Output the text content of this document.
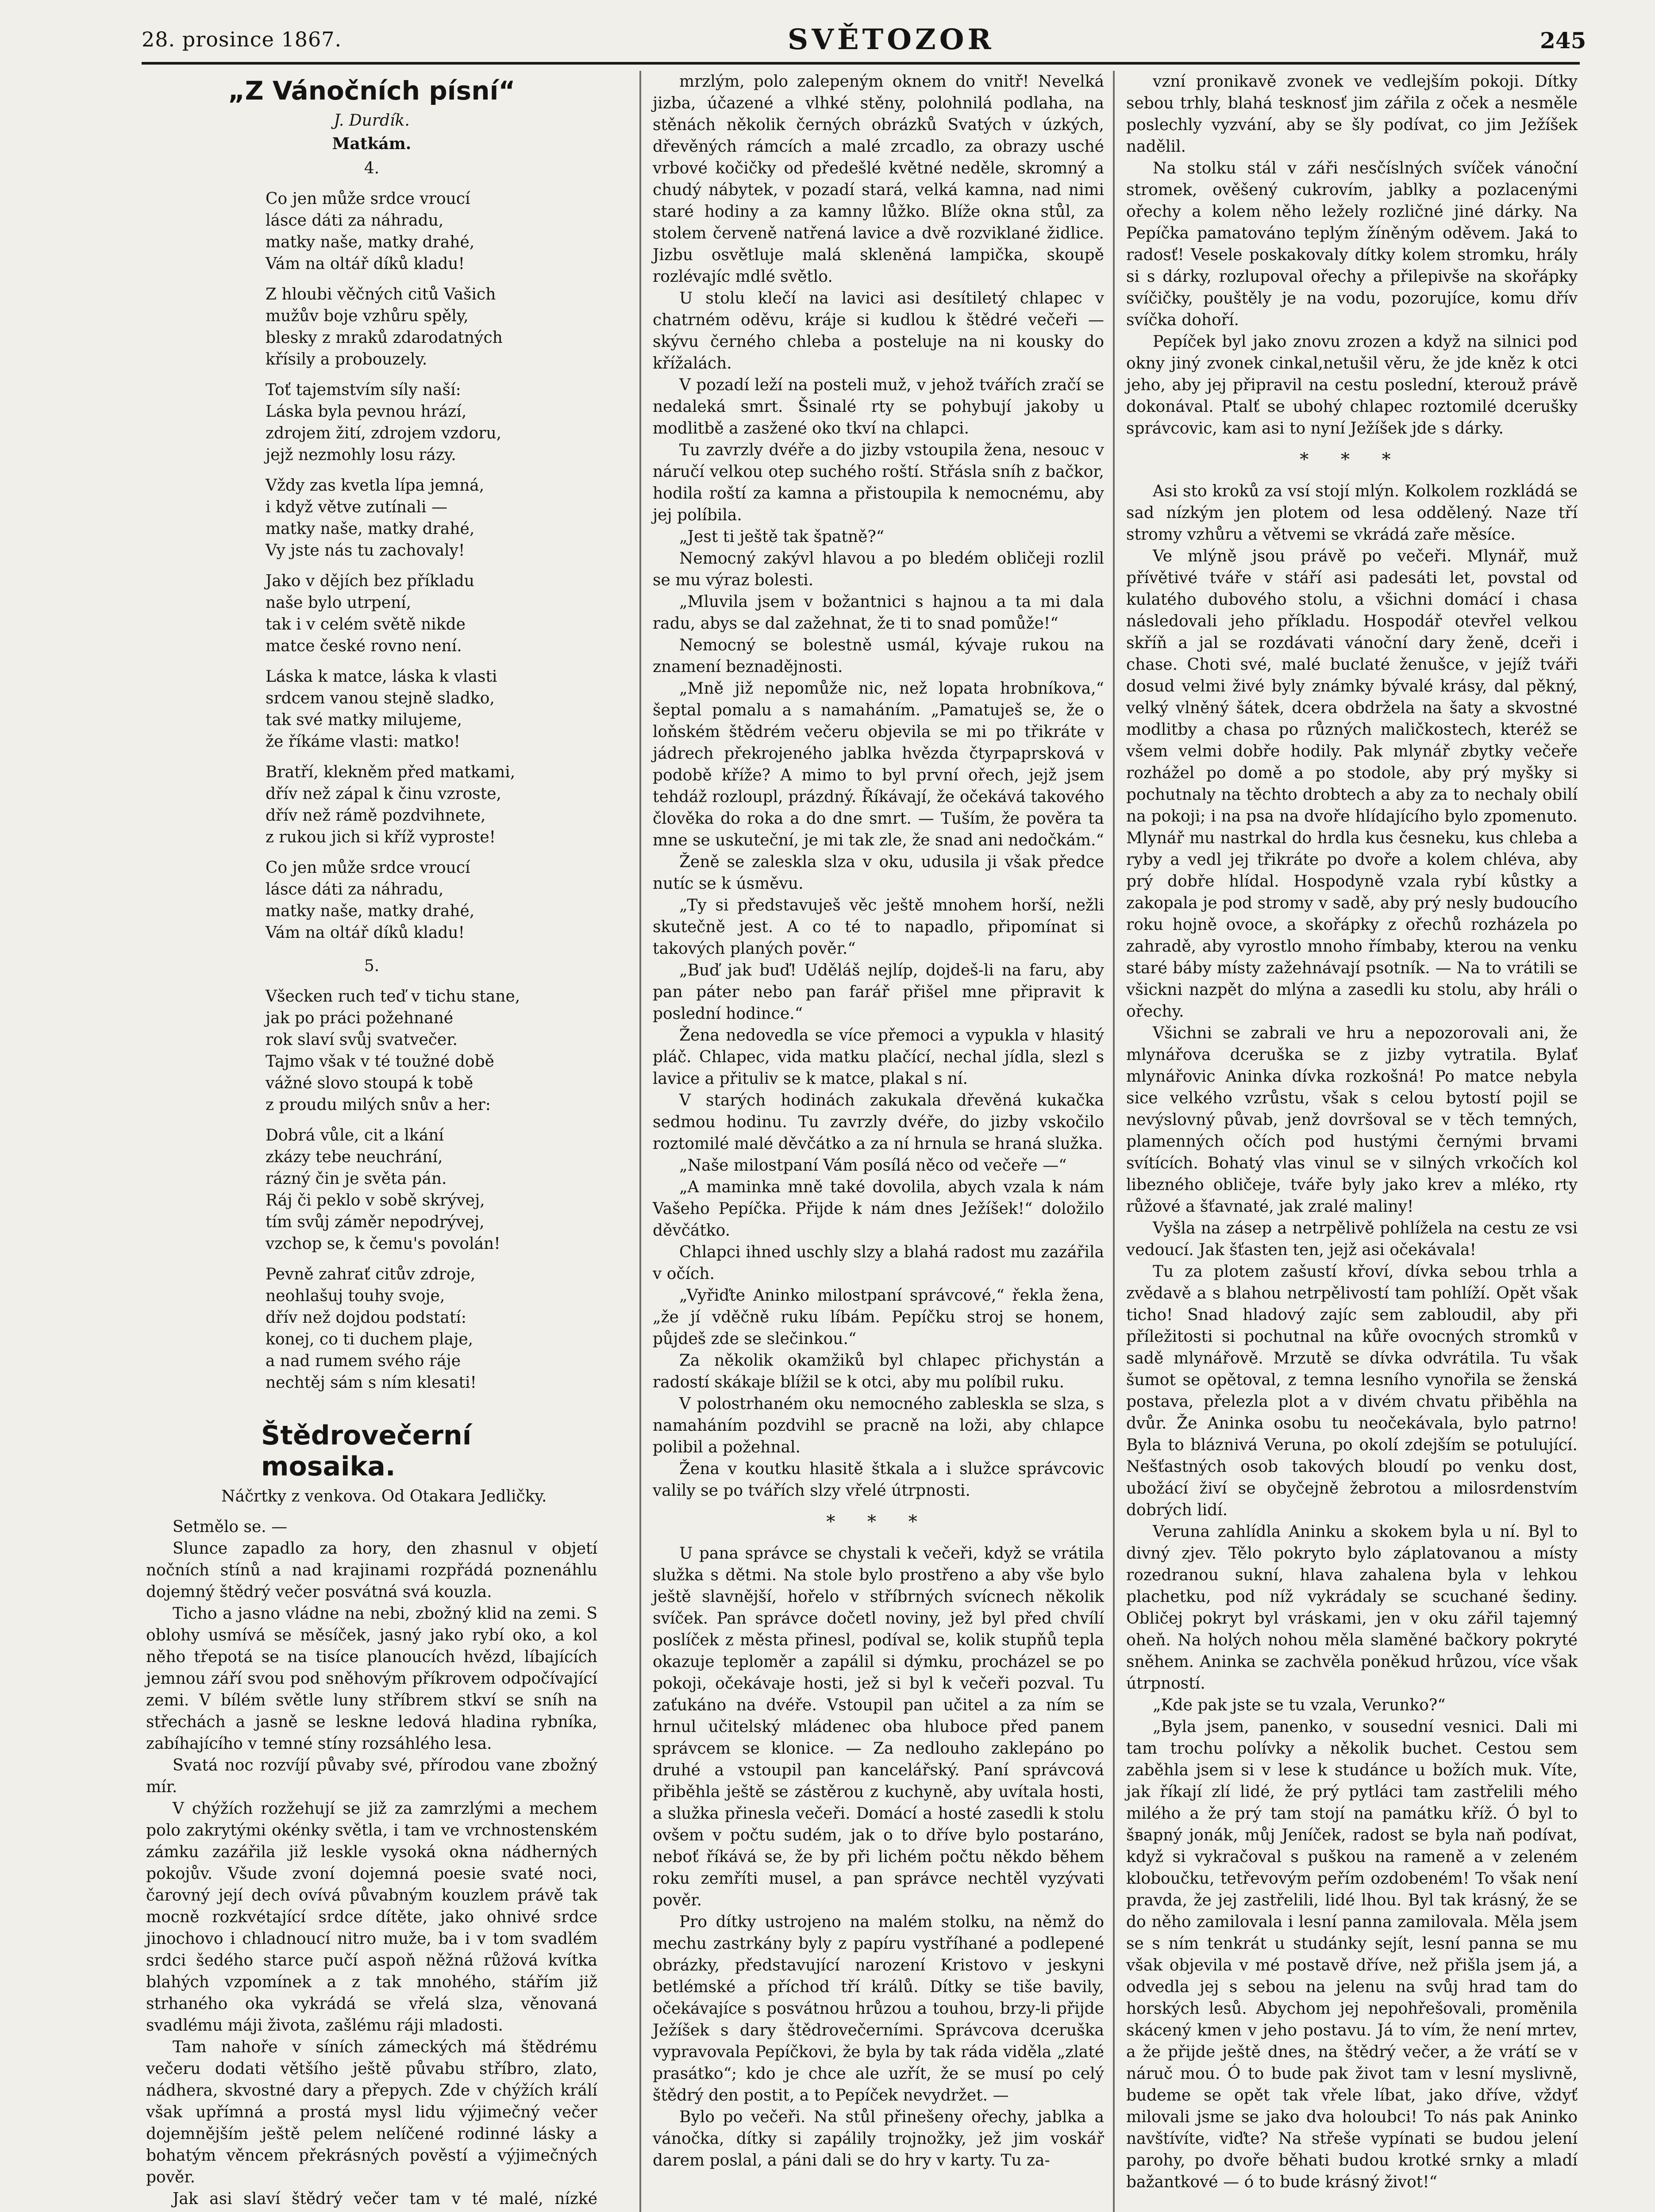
28. prosince 1867.	SVĚTOZOR	245
„Z Vánočních písní“
J. Durdík.
Matkám.
4.
Co jen může srdce vroucí
lásce dáti za náhradu,
matky naše, matky drahé,
Vám na oltář díků kladu!
Z hloubi věčných citů Vašich
mužův boje vzhůru spěly,
blesky z mraků zdarodatných
křísily a probouzely.
Toť tajemstvím síly naší:
Láska byla pevnou hrází,
zdrojem žití, zdrojem vzdoru,
jejž nezmohly losu rázy.
Vždy zas kvetla lípa jemná,
i když větve zutínali —
matky naše, matky drahé,
Vy jste nás tu zachovaly!
Jako v dějích bez příkladu
naše bylo utrpení,
tak i v celém světě nikde
matce české rovno není.
Láska k matce, láska k vlasti
srdcem vanou stejně sladko,
tak své matky milujeme,
že říkáme vlasti: matko!
Bratří, klekněm před matkami,
dřív než zápal k činu vzroste,
dřív než rámě pozdvihnete,
z rukou jich si kříž vyproste!
Co jen může srdce vroucí
lásce dáti za náhradu,
matky naše, matky drahé,
Vám na oltář díků kladu!
5.
Všecken ruch teď v tichu stane,
jak po práci požehnané
rok slaví svůj svatvečer.
Tajmo však v té toužné době
vážné slovo stoupá k tobě
z proudu milých snův a her:
Dobrá vůle, cit a lkání
zkázy tebe neuchrání,
rázný čin je světa pán.
Ráj či peklo v sobě skrývej,
tím svůj záměr nepodrývej,
vzchop se, k čemu's povolán!
Pevně zahrať citův zdroje,
neohlašuj touhy svoje,
dřív než dojdou podstatí:
konej, co ti duchem plaje,
a nad rumem svého ráje
nechtěj sám s ním klesati!
Štědrovečerní mosaika.
Náčrtky z venkova. Od Otakara Jedličky.

Setmělo se. —

Slunce zapadlo za hory, den zhasnul v objetí nočních stínů a nad krajinami rozpřádá poznenáhlu dojemný štědrý večer posvátná svá kouzla.

Ticho a jasno vládne na nebi, zbožný klid na zemi. S oblohy usmívá se měsíček, jasný jako rybí oko, a kol něho třepotá se na tisíce planoucích hvězd, líbajících jemnou září svou pod sněhovým příkrovem odpočívající zemi. V bílém světle luny stříbrem stkví se sníh na střechách a jasně se leskne ledová hladina rybníka, zabíhajícího v temné stíny rozsáhlého lesa.

Svatá noc rozvíjí půvaby své, přírodou vane zbožný mír.

V chýžích rozžehují se již za zamrzlými a mechem polo zakrytými okénky světla, i tam ve vrchnostenském zámku zazářila již leskle vysoká okna nádherných pokojův. Všude zvoní dojemná poesie svaté noci, čarovný její dech ovívá půvabným kouzlem právě tak mocně rozkvétající srdce dítěte, jako ohnivé srdce jinochovo i chladnoucí nitro muže, ba i v tom svadlém srdci šedého starce pučí aspoň něžná růžová kvítka blahých vzpomínek a z tak mnohého, stářím již strhaného oka vykrádá se vřelá slza, věnovaná svadlému máji života, zašlému ráji mladosti.

Tam nahoře v síních zámeckých má štědrému večeru dodati většího ještě půvabu stříbro, zlato, nádhera, skvostné dary a přepych. Zde v chýžích králí však upřímná a prostá mysl lidu výjimečný večer dojemnějším ještě pelem nelíčené rodinné lásky a bohatým věncem překrásných pověstí a výjimečných pověr.

Jak asi slaví štědrý večer tam v té malé, nízké

mrzlým, polo zalepeným oknem do vnitř! Nevelká jizba, účazené a vlhké stěny, polohnilá podlaha, na stěnách několik černých obrázků Svatých v úzkých, dřevěných rámcích a malé zrcadlo, za obrazy usché vrbové kočičky od předešlé květné neděle, skromný a chudý nábytek, v pozadí stará, velká kamna, nad nimi staré hodiny a za kamny lůžko. Blíže okna stůl, za stolem červeně natřená lavice a dvě rozviklané židlice. Jizbu osvětluje malá skleněná lampička, skoupě rozlévajíc mdlé světlo.

U stolu klečí na lavici asi desítiletý chlapec v chatrném oděvu, kráje si kudlou k štědré večeři — skývu černého chleba a posteluje na ni kousky do křížalách.

V pozadí leží na posteli muž, v jehož tvářích zračí se nedaleká smrt. Šsinalé rty se pohybují jakoby u modlitbě a zasžené oko tkví na chlapci.

Tu zavrzly dvéře a do jizby vstoupila žena, nesouc v náručí velkou otep suchého roští. Střásla sníh z bačkor, hodila roští za kamna a přistoupila k nemocnému, aby jej políbila.

„Jest ti ještě tak špatně?“

Nemocný zakývl hlavou a po bledém obličeji rozlil se mu výraz bolesti.

„Mluvila jsem v božantnici s hajnou a ta mi dala radu, abys se dal zažehnat, že ti to snad pomůže!“

Nemocný se bolestně usmál, kývaje rukou na znamení beznadějnosti.

„Mně již nepomůže nic, než lopata hrobníkova,“ šeptal pomalu a s namaháním. „Pamatuješ se, že o loňském štědrém večeru objevila se mi po třikráte v jádrech překrojeného jablka hvězda čtyrpaprsková v podobě kříže? A mimo to byl první ořech, jejž jsem tehdáž rozloupl, prázdný. Říkávají, že očekává takového člověka do roka a do dne smrt. — Tuším, že pověra ta mne se uskuteční, je mi tak zle, že snad ani nedočkám.“

Ženě se zaleskla slza v oku, udusila ji však předce nutíc se k úsměvu.

„Ty si představuješ věc ještě mnohem horší, nežli skutečně jest. A co té to napadlo, připomínat si takových planých pověr.“

„Buď jak buď! Uděláš nejlíp, dojdeš-li na faru, aby pan páter nebo pan farář přišel mne připravit k poslední hodince.“

Žena nedovedla se více přemoci a vypukla v hlasitý pláč. Chlapec, vida matku plačící, nechal jídla, slezl s lavice a přituliv se k matce, plakal s ní.

V starých hodinách zakukala dřevěná kukačka sedmou hodinu. Tu zavrzly dvéře, do jizby vskočilo roztomilé malé děvčátko a za ní hrnula se hraná služka.

„Naše milostpaní Vám posílá něco od večeře —“

„A maminka mně také dovolila, abych vzala k nám Vašeho Pepíčka. Přijde k nám dnes Ježíšek!“ doložilo děvčátko.

Chlapci ihned uschly slzy a blahá radost mu zazářila v očích.

„Vyřiďte Aninko milostpaní správcové,“ řekla žena, „že jí vděčně ruku líbám. Pepíčku stroj se honem, půjdeš zde se slečinkou.“

Za několik okamžiků byl chlapec přichystán a radostí skákaje blížil se k otci, aby mu políbil ruku.

V polostrhaném oku nemocného zableskla se slza, s namaháním pozdvihl se pracně na loži, aby chlapce polibil a požehnal.

Žena v koutku hlasitě štkala a i služce správcovic valily se po tvářích slzy vřelé útrpnosti.

* * *

U pana správce se chystali k večeři, když se vrátila služka s dětmi. Na stole bylo prostřeno a aby vše bylo ještě slavnější, hořelo v stříbrných svícnech několik svíček. Pan správce dočetl noviny, jež byl před chvílí poslíček z města přinesl, podíval se, kolik stupňů tepla okazuje teploměr a zapálil si dýmku, procházel se po pokoji, očekávaje hosti, jež si byl k večeři pozval. Tu zaťukáno na dvéře. Vstoupil pan učitel a za ním se hrnul učitelský mládenec oba hluboce před panem správcem se klonice. — Za nedlouho zaklepáno po druhé a vstoupil pan kancelářský. Paní správcová přiběhla ještě se zástěrou z kuchyně, aby uvítala hosti, a služka přinesla večeři. Domácí a hosté zasedli k stolu ovšem v počtu sudém, jak o to dříve bylo postaráno, neboť říkává se, že by při lichém počtu někdo během roku zemříti musel, a pan správce nechtěl vyzývati pověr.

Pro dítky ustrojeno na malém stolku, na němž do mechu zastrkány byly z papíru vystříhané a podlepené obrázky, představující narození Kristovo v jeskyni betlémské a příchod tří králů. Dítky se tiše bavily, očekávajíce s posvátnou hrůzou a touhou, brzy-li přijde Ježíšek s dary štědrovečerními. Správcova dceruška vypravovala Pepíčkovi, že byla by tak ráda viděla „zlaté prasátko“; kdo je chce ale uzřít, že se musí po celý štědrý den postit, a to Pepíček nevydržet. —

Bylo po večeři. Na stůl přinešeny ořechy, jablka a vánočka, dítky si zapálily trojnožky, jež jim voskář darem poslal, a páni dali se do hry v karty. Tu za-

vzní pronikavě zvonek ve vedlejším pokoji. Dítky sebou trhly, blahá tesknosť jim zářila z oček a nesměle poslechly vyzvání, aby se šly podívat, co jim Ježíšek nadělil.

Na stolku stál v záři nesčíslných svíček vánoční stromek, ověšený cukrovím, jablky a pozlacenými ořechy a kolem něho ležely rozličné jiné dárky. Na Pepíčka pamatováno teplým žíněným oděvem. Jaká to radosť! Vesele poskakovaly dítky kolem stromku, hrály si s dárky, rozlupoval ořechy a přilepivše na skořápky svíčičky, pouštěly je na vodu, pozorujíce, komu dřív svíčka dohoří.

Pepíček byl jako znovu zrozen a když na silnici pod okny jiný zvonek cinkal,netušil věru, že jde kněz k otci jeho, aby jej připravil na cestu poslední, kterouž právě dokonával. Ptalť se ubohý chlapec roztomilé dcerušky správcovic, kam asi to nyní Ježíšek jde s dárky.

* * *

Asi sto kroků za vsí stojí mlýn. Kolkolem rozkládá se sad nízkým jen plotem od lesa oddělený. Naze tří stromy vzhůru a větvemi se vkrádá zaře měsíce.

Ve mlýně jsou právě po večeři. Mlynář, muž přívětivé tváře v stáří asi padesáti let, povstal od kulatého dubového stolu, a všichni domácí i chasa následovali jeho příkladu. Hospodář otevřel velkou skříň a jal se rozdávati vánoční dary ženě, dceři i chase. Choti své, malé buclaté ženušce, v jejíž tváři dosud velmi živé byly známky bývalé krásy, dal pěkný, velký vlněný šátek, dcera obdržela na šaty a skvostné modlitby a chasa po různých maličkostech, kteréž se všem velmi dobře hodily. Pak mlynář zbytky večeře rozhážel po domě a po stodole, aby prý myšky si pochutnaly na těchto drobtech a aby za to nechaly obilí na pokoji; i na psa na dvoře hlídajícího bylo zpomenuto. Mlynář mu nastrkal do hrdla kus česneku, kus chleba a ryby a vedl jej třikráte po dvoře a kolem chléva, aby prý dobře hlídal. Hospodyně vzala rybí kůstky a zakopala je pod stromy v sadě, aby prý nesly budoucího roku hojně ovoce, a skořápky z ořechů rozházela po zahradě, aby vyrostlo mnoho římbaby, kterou na venku staré báby místy zažehnávají psotník. — Na to vrátili se všickni nazpět do mlýna a zasedli ku stolu, aby hráli o ořechy.

Všichni se zabrali ve hru a nepozorovali ani, že mlynářova dceruška se z jizby vytratila. Bylať mlynářovic Aninka dívka rozkošná! Po matce nebyla sice velkého vzrůstu, však s celou bytostí pojil se nevýslovný půvab, jenž dovršoval se v těch temných, plamenných očích pod hustými černými brvami svítících. Bohatý vlas vinul se v silných vrkočích kol libezného obličeje, tváře byly jako krev a mléko, rty růžové a šťavnaté, jak zralé maliny!

Vyšla na zásep a netrpělivě pohlížela na cestu ze vsi vedoucí. Jak šťasten ten, jejž asi očekávala!

Tu za plotem zašustí křoví, dívka sebou trhla a zvědavě a s blahou netrpělivostí tam pohlíží. Opět však ticho! Snad hladový zajíc sem zabloudil, aby při příležitosti si pochutnal na kůře ovocných stromků v sadě mlynářově. Mrzutě se dívka odvrátila. Tu však šumot se opětoval, z temna lesního vynořila se ženská postava, přelezla plot a v divém chvatu přiběhla na dvůr. Že Aninka osobu tu neočekávala, bylo patrno! Byla to bláznivá Veruna, po okolí zdejším se potulující. Nešťastných osob takových bloudí po venku dost, ubožácí živí se obyčejně žebrotou a milosrdenstvím dobrých lidí.

Veruna zahlídla Aninku a skokem byla u ní. Byl to divný zjev. Tělo pokryto bylo záplatovanou a místy rozedranou sukní, hlava zahalena byla v lehkou plachetku, pod níž vykrádaly se scuchané šediny. Obličej pokryt byl vráskami, jen v oku zářil tajemný oheň. Na holých nohou měla slaměné bačkory pokryté sněhem. Aninka se zachvěla poněkud hrůzou, více však útrpností.

„Kde pak jste se tu vzala, Verunko?“

„Byla jsem, panenko, v sousední vesnici. Dali mi tam trochu polívky a několik buchet. Cestou sem zaběhla jsem si v lese k studánce u božích muk. Víte, jak říkají zlí lidé, že prý pytláci tam zastřelili mého milého a že prý tam stojí na památku kříž. Ó byl to šварný jonák, můj Jeníček, radost se byla naň podívat, když si vykračoval s puškou na rameně a v zeleném kloboučku, tetřevovým peřím ozdobeném! To však není pravda, že jej zastřelili, lidé lhou. Byl tak krásný, že se do něho zamilovala i lesní panna zamilovala. Měla jsem se s ním tenkrát u studánky sejít, lesní panna se mu však objevila v mé postavě dříve, než přišla jsem já, a odvedla jej s sebou na jelenu na svůj hrad tam do horských lesů. Abychom jej nepohřešovali, proměnila skácený kmen v jeho postavu. Já to vím, že není mrtev, a že přijde ještě dnes, na štědrý večer, a že vrátí se v náruč mou. Ó to bude pak život tam v lesní myslivně, budeme se opět tak vřele líbat, jako dříve, vždyť milovali jsme se jako dva holoubci! To nás pak Aninko navštívíte, viďte? Na střeše vypínati se budou jelení parohy, po dvoře běhati budou krotké srnky a mladí bažantkové — ó to bude krásný život!“
